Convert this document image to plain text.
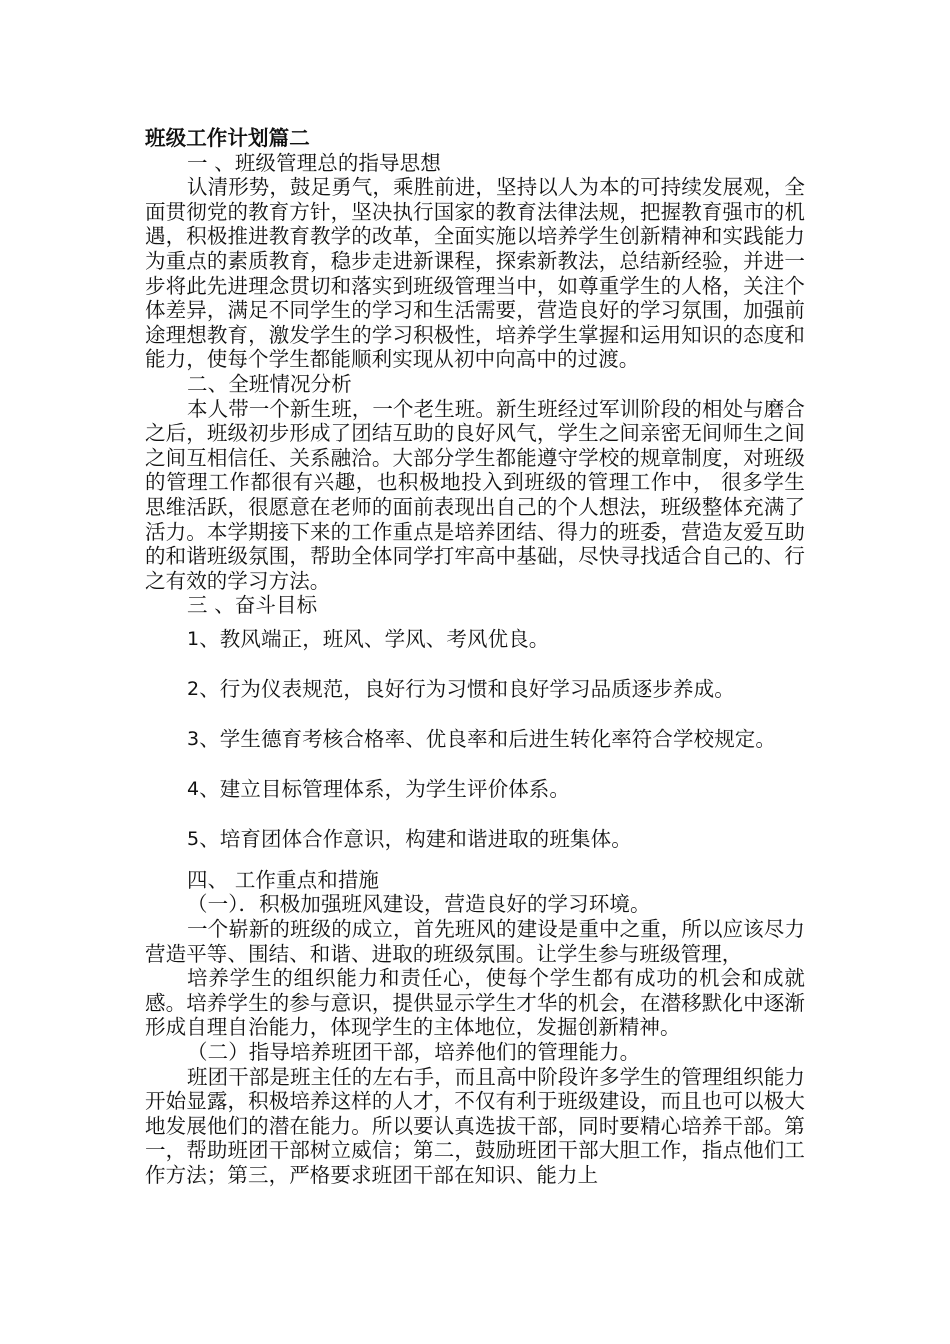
班级工作计划篇二

一 、班级管理总的指导思想

认清形势，鼓足勇气，乘胜前进，坚持以人为本的可持续发展观，全面贯彻党的教育方针，坚决执行国家的教育法律法规，把握教育强市的机遇，积极推进教育教学的改革，全面实施以培养学生创新精神和实践能力为重点的素质教育，稳步走进新课程，探索新教法，总结新经验，并进一步将此先进理念贯切和落实到班级管理当中，如尊重学生的人格，关注个体差异，满足不同学生的学习和生活需要，营造良好的学习氛围，加强前途理想教育，激发学生的学习积极性，培养学生掌握和运用知识的态度和能力，使每个学生都能顺利实现从初中向高中的过渡。

二、全班情况分析

本人带一个新生班，一个老生班。新生班经过军训阶段的相处与磨合之后，班级初步形成了团结互助的良好风气，学生之间亲密无间师生之间之间互相信任、关系融洽。大部分学生都能遵守学校的规章制度，对班级的管理工作都很有兴趣，也积极地投入到班级的管理工作中， 很多学生思维活跃，很愿意在老师的面前表现出自己的个人想法，班级整体充满了活力。本学期接下来的工作重点是培养团结、得力的班委，营造友爱互助的和谐班级氛围，帮助全体同学打牢高中基础，尽快寻找适合自己的、行之有效的学习方法。

三 、奋斗目标

1 、教风端正，班风、学风、考风优良。
2 、行为仪表规范，良好行为习惯和良好学习品质逐步养成。
3 、学生德育考核合格率、优良率和后进生转化率符合学校规定。
4 、建立目标管理体系，为学生评价体系。
5 、培育团体合作意识，构建和谐进取的班集体。

四、 工作重点和措施

（一）．积极加强班风建设，营造良好的学习环境。

一个崭新的班级的成立，首先班风的建设是重中之重，所以应该尽力营造平等、围结、和谐、进取的班级氛围。让学生参与班级管理，

培养学生的组织能力和责任心，使每个学生都有成功的机会和成就感。培养学生的参与意识，提供显示学生才华的机会，在潜移默化中逐渐形成自理自治能力，体现学生的主体地位，发掘创新精神。

（二）指导培养班团干部，培养他们的管理能力。

班团干部是班主任的左右手，而且高中阶段许多学生的管理组织能力开始显露，积极培养这样的人才，不仅有利于班级建设，而且也可以极大地发展他们的潜在能力。所以要认真选拔干部，同时要精心培养干部。第一，帮助班团干部树立威信；第二，鼓励班团干部大胆工作，指点他们工作方法；第三，严格要求班团干部在知识、能力上
